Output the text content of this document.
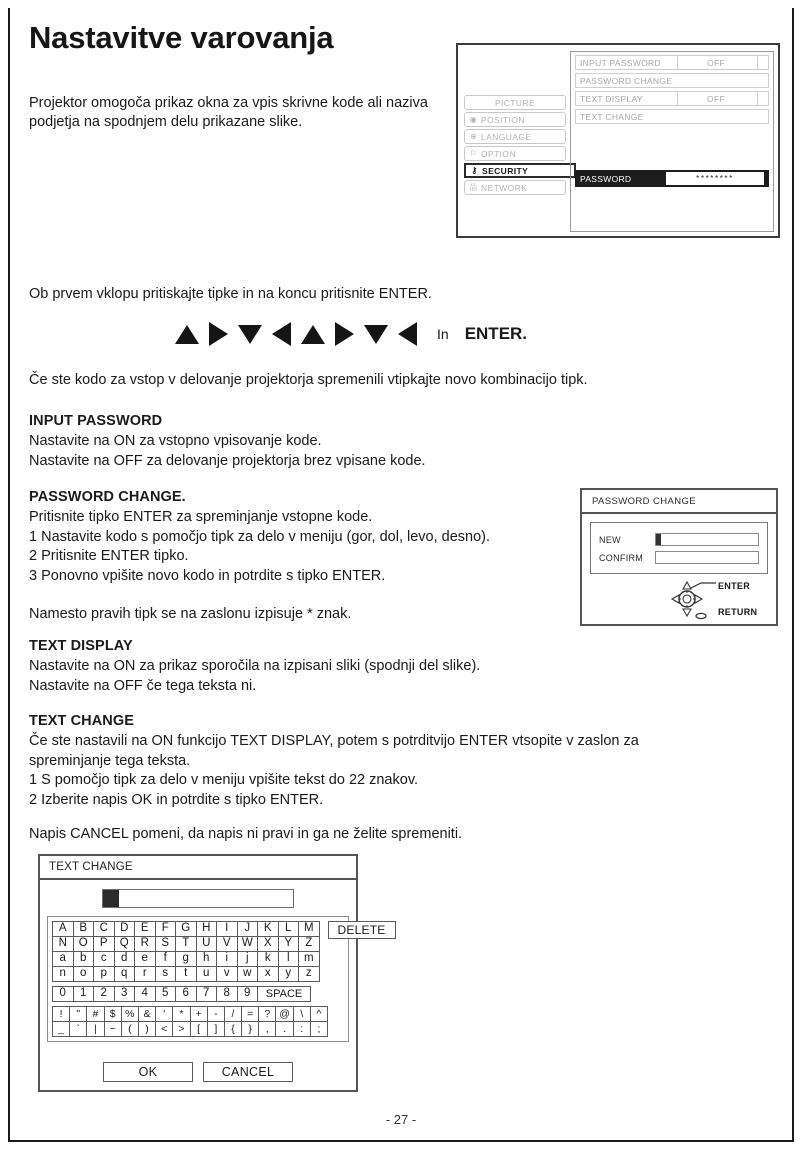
Nastavitve varovanja
Projektor omogoča prikaz okna za vpis skrivne kode ali naziva podjetja na spodnjem delu prikazane slike.
PICTURE
◉ POSITION
⊕ LANGUAGE
⚐ OPTION
⚷ SECURITY
品 NETWORK
INPUT PASSWORD	OFF
PASSWORD CHANGE
TEXT DISPLAY	OFF
TEXT CHANGE
PASSWORD	********
Ob prvem vklopu pritiskajte tipke in na koncu pritisnite ENTER.
In ENTER.
Če ste kodo za vstop v delovanje projektorja spremenili vtipkajte novo kombinacijo tipk.
INPUT PASSWORD
Nastavite na ON za vstopno vpisovanje kode.
Nastavite na OFF za delovanje projektorja brez vpisane kode.
PASSWORD CHANGE.
Pritisnite tipko ENTER za spreminjanje vstopne kode.
1 Nastavite kodo s pomočjo tipk za delo v meniju (gor, dol, levo, desno).
2 Pritisnite ENTER tipko.
3 Ponovno vpišite novo kodo in potrdite s tipko ENTER.
Namesto pravih tipk se na zaslonu izpisuje * znak.
PASSWORD CHANGE
NEW
CONFIRM
ENTER
RETURN
TEXT DISPLAY
Nastavite na ON za prikaz sporočila na izpisani sliki (spodnji del slike).
Nastavite na OFF če tega teksta ni.
TEXT CHANGE
Če ste nastavili na ON funkcijo TEXT DISPLAY, potem s potrditvijo ENTER vtsopite v zaslon za
spreminjanje tega teksta.
1 S pomočjo tipk za delo v meniju vpišite tekst do 22 znakov.
2 Izberite napis OK in potrdite s tipko ENTER.
Napis CANCEL pomeni, da napis ni pravi in ga ne želite spremeniti.
TEXT CHANGE
A	B	C	D	E	F	G	H	I	J	K	L	M
N	O	P	Q	R	S	T	U	V W X	Y	Z
a	b	c	d	e	f	g	h	i	j	k	l	m
n	o	p	q	r	s	t	u	v	w	x	y	z
DELETE
0	1	2	3	4	5	6	7	8	9	SPACE
!	"	#	$ % &	'	*	+	-	/	=	? @ \	^
_	`	|	~	(	)	<	>	[	]	{	}	,	.	:	;
OK	CANCEL
- 27 -
